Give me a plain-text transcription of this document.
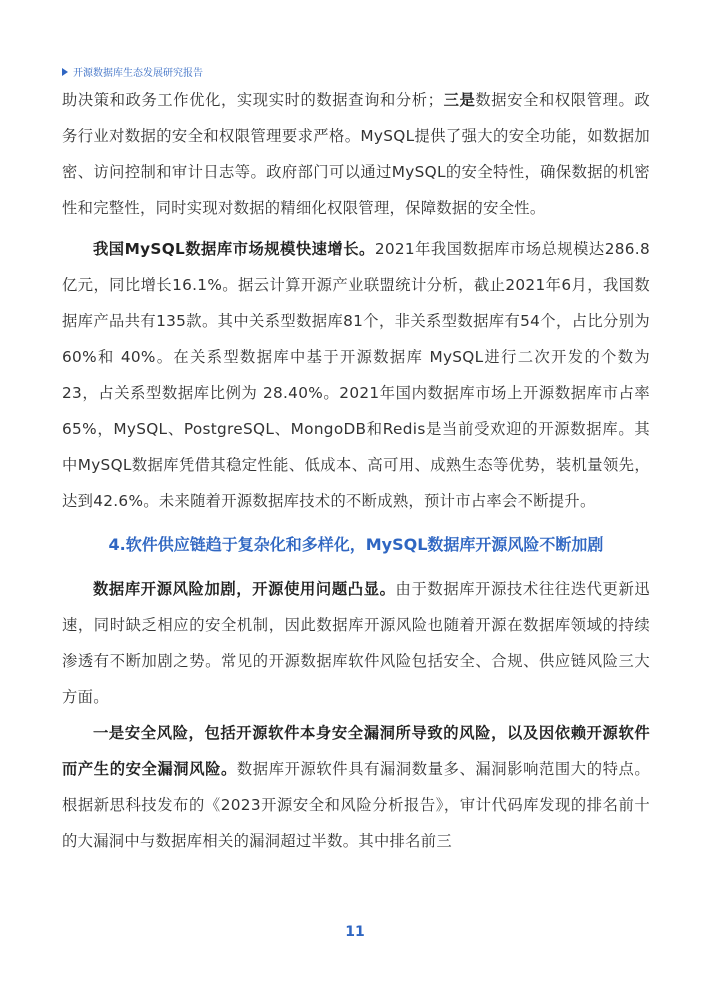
开源数据库生态发展研究报告

助决策和政务工作优化，实现实时的数据查询和分析；三是数据安全和权限管理。政务行业对数据的安全和权限管理要求严格。MySQL提供了强大的安全功能，如数据加密、访问控制和审计日志等。政府部门可以通过MySQL的安全特性，确保数据的机密性和完整性，同时实现对数据的精细化权限管理，保障数据的安全性。

我国MySQL数据库市场规模快速增长。2021年我国数据库市场总规模达286.8亿元，同比增长16.1%。据云计算开源产业联盟统计分析，截止2021年6月，我国数据库产品共有135款。其中关系型数据库81个，非关系型数据库有54个，占比分别为 60%和 40%。在关系型数据库中基于开源数据库 MySQL进行二次开发的个数为23，占关系型数据库比例为 28.40%。2021年国内数据库市场上开源数据库市占率65%，MySQL、PostgreSQL、MongoDB和Redis是当前受欢迎的开源数据库。其中MySQL数据库凭借其稳定性能、低成本、高可用、成熟生态等优势，装机量领先，达到42.6%。未来随着开源数据库技术的不断成熟，预计市占率会不断提升。

4.软件供应链趋于复杂化和多样化，MySQL数据库开源风险不断加剧

数据库开源风险加剧，开源使用问题凸显。由于数据库开源技术往往迭代更新迅速，同时缺乏相应的安全机制，因此数据库开源风险也随着开源在数据库领域的持续渗透有不断加剧之势。常见的开源数据库软件风险包括安全、合规、供应链风险三大方面。

一是安全风险，包括开源软件本身安全漏洞所导致的风险，以及因依赖开源软件而产生的安全漏洞风险。数据库开源软件具有漏洞数量多、漏洞影响范围大的特点。根据新思科技发布的《2023开源安全和风险分析报告》，审计代码库发现的排名前十的大漏洞中与数据库相关的漏洞超过半数。其中排名前三

11
